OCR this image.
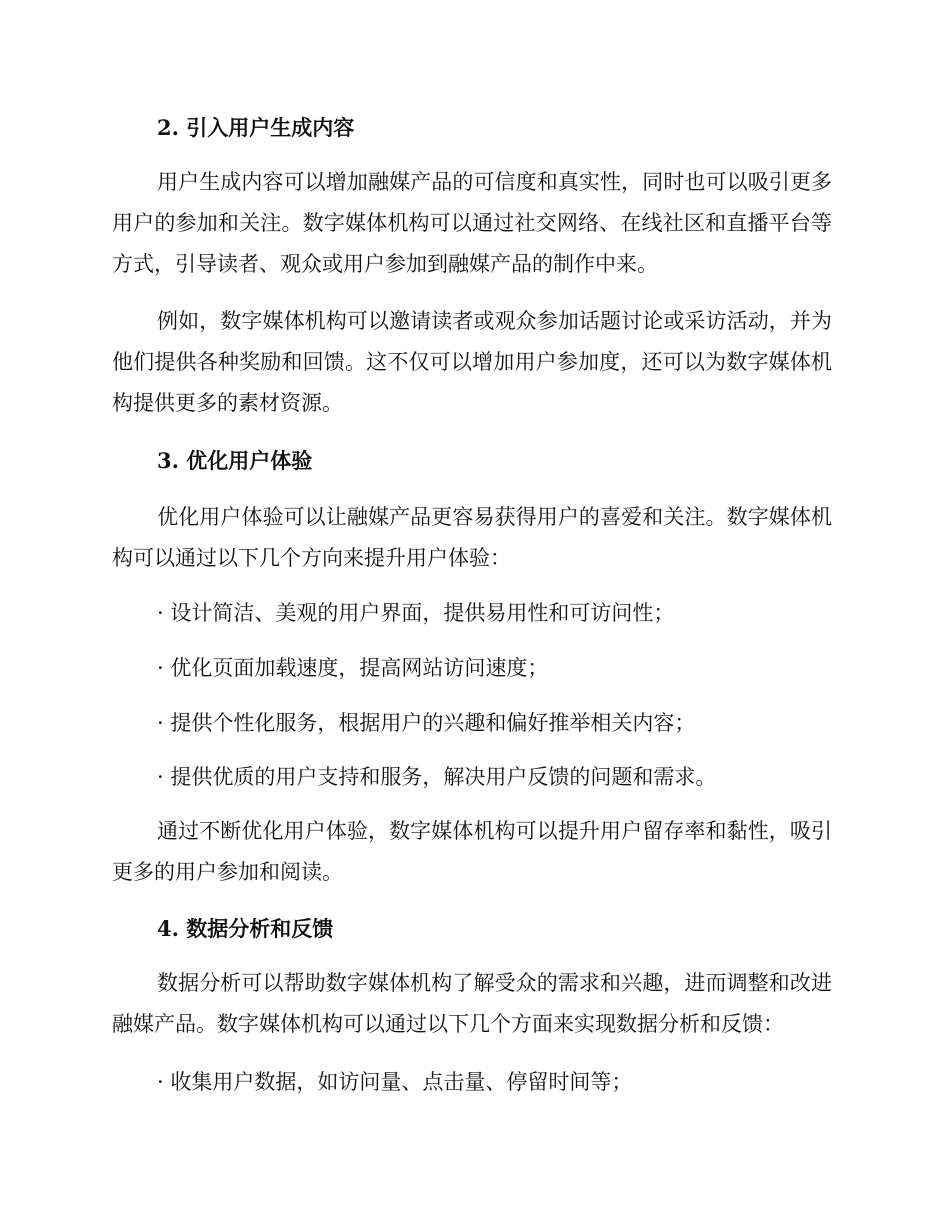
2. 引入用户生成内容

用户生成内容可以增加融媒产品的可信度和真实性，同时也可以吸引更多用户的参加和关注。数字媒体机构可以通过社交网络、在线社区和直播平台等方式，引导读者、观众或用户参加到融媒产品的制作中来。

例如，数字媒体机构可以邀请读者或观众参加话题讨论或采访活动，并为他们提供各种奖励和回馈。这不仅可以增加用户参加度，还可以为数字媒体机构提供更多的素材资源。

3. 优化用户体验

优化用户体验可以让融媒产品更容易获得用户的喜爱和关注。数字媒体机构可以通过以下几个方向来提升用户体验：

· 设计简洁、美观的用户界面，提供易用性和可访问性；

· 优化页面加载速度，提高网站访问速度；

· 提供个性化服务，根据用户的兴趣和偏好推举相关内容；

· 提供优质的用户支持和服务，解决用户反馈的问题和需求。

通过不断优化用户体验，数字媒体机构可以提升用户留存率和黏性，吸引更多的用户参加和阅读。

4. 数据分析和反馈

数据分析可以帮助数字媒体机构了解受众的需求和兴趣，进而调整和改进融媒产品。数字媒体机构可以通过以下几个方面来实现数据分析和反馈：

· 收集用户数据，如访问量、点击量、停留时间等；
